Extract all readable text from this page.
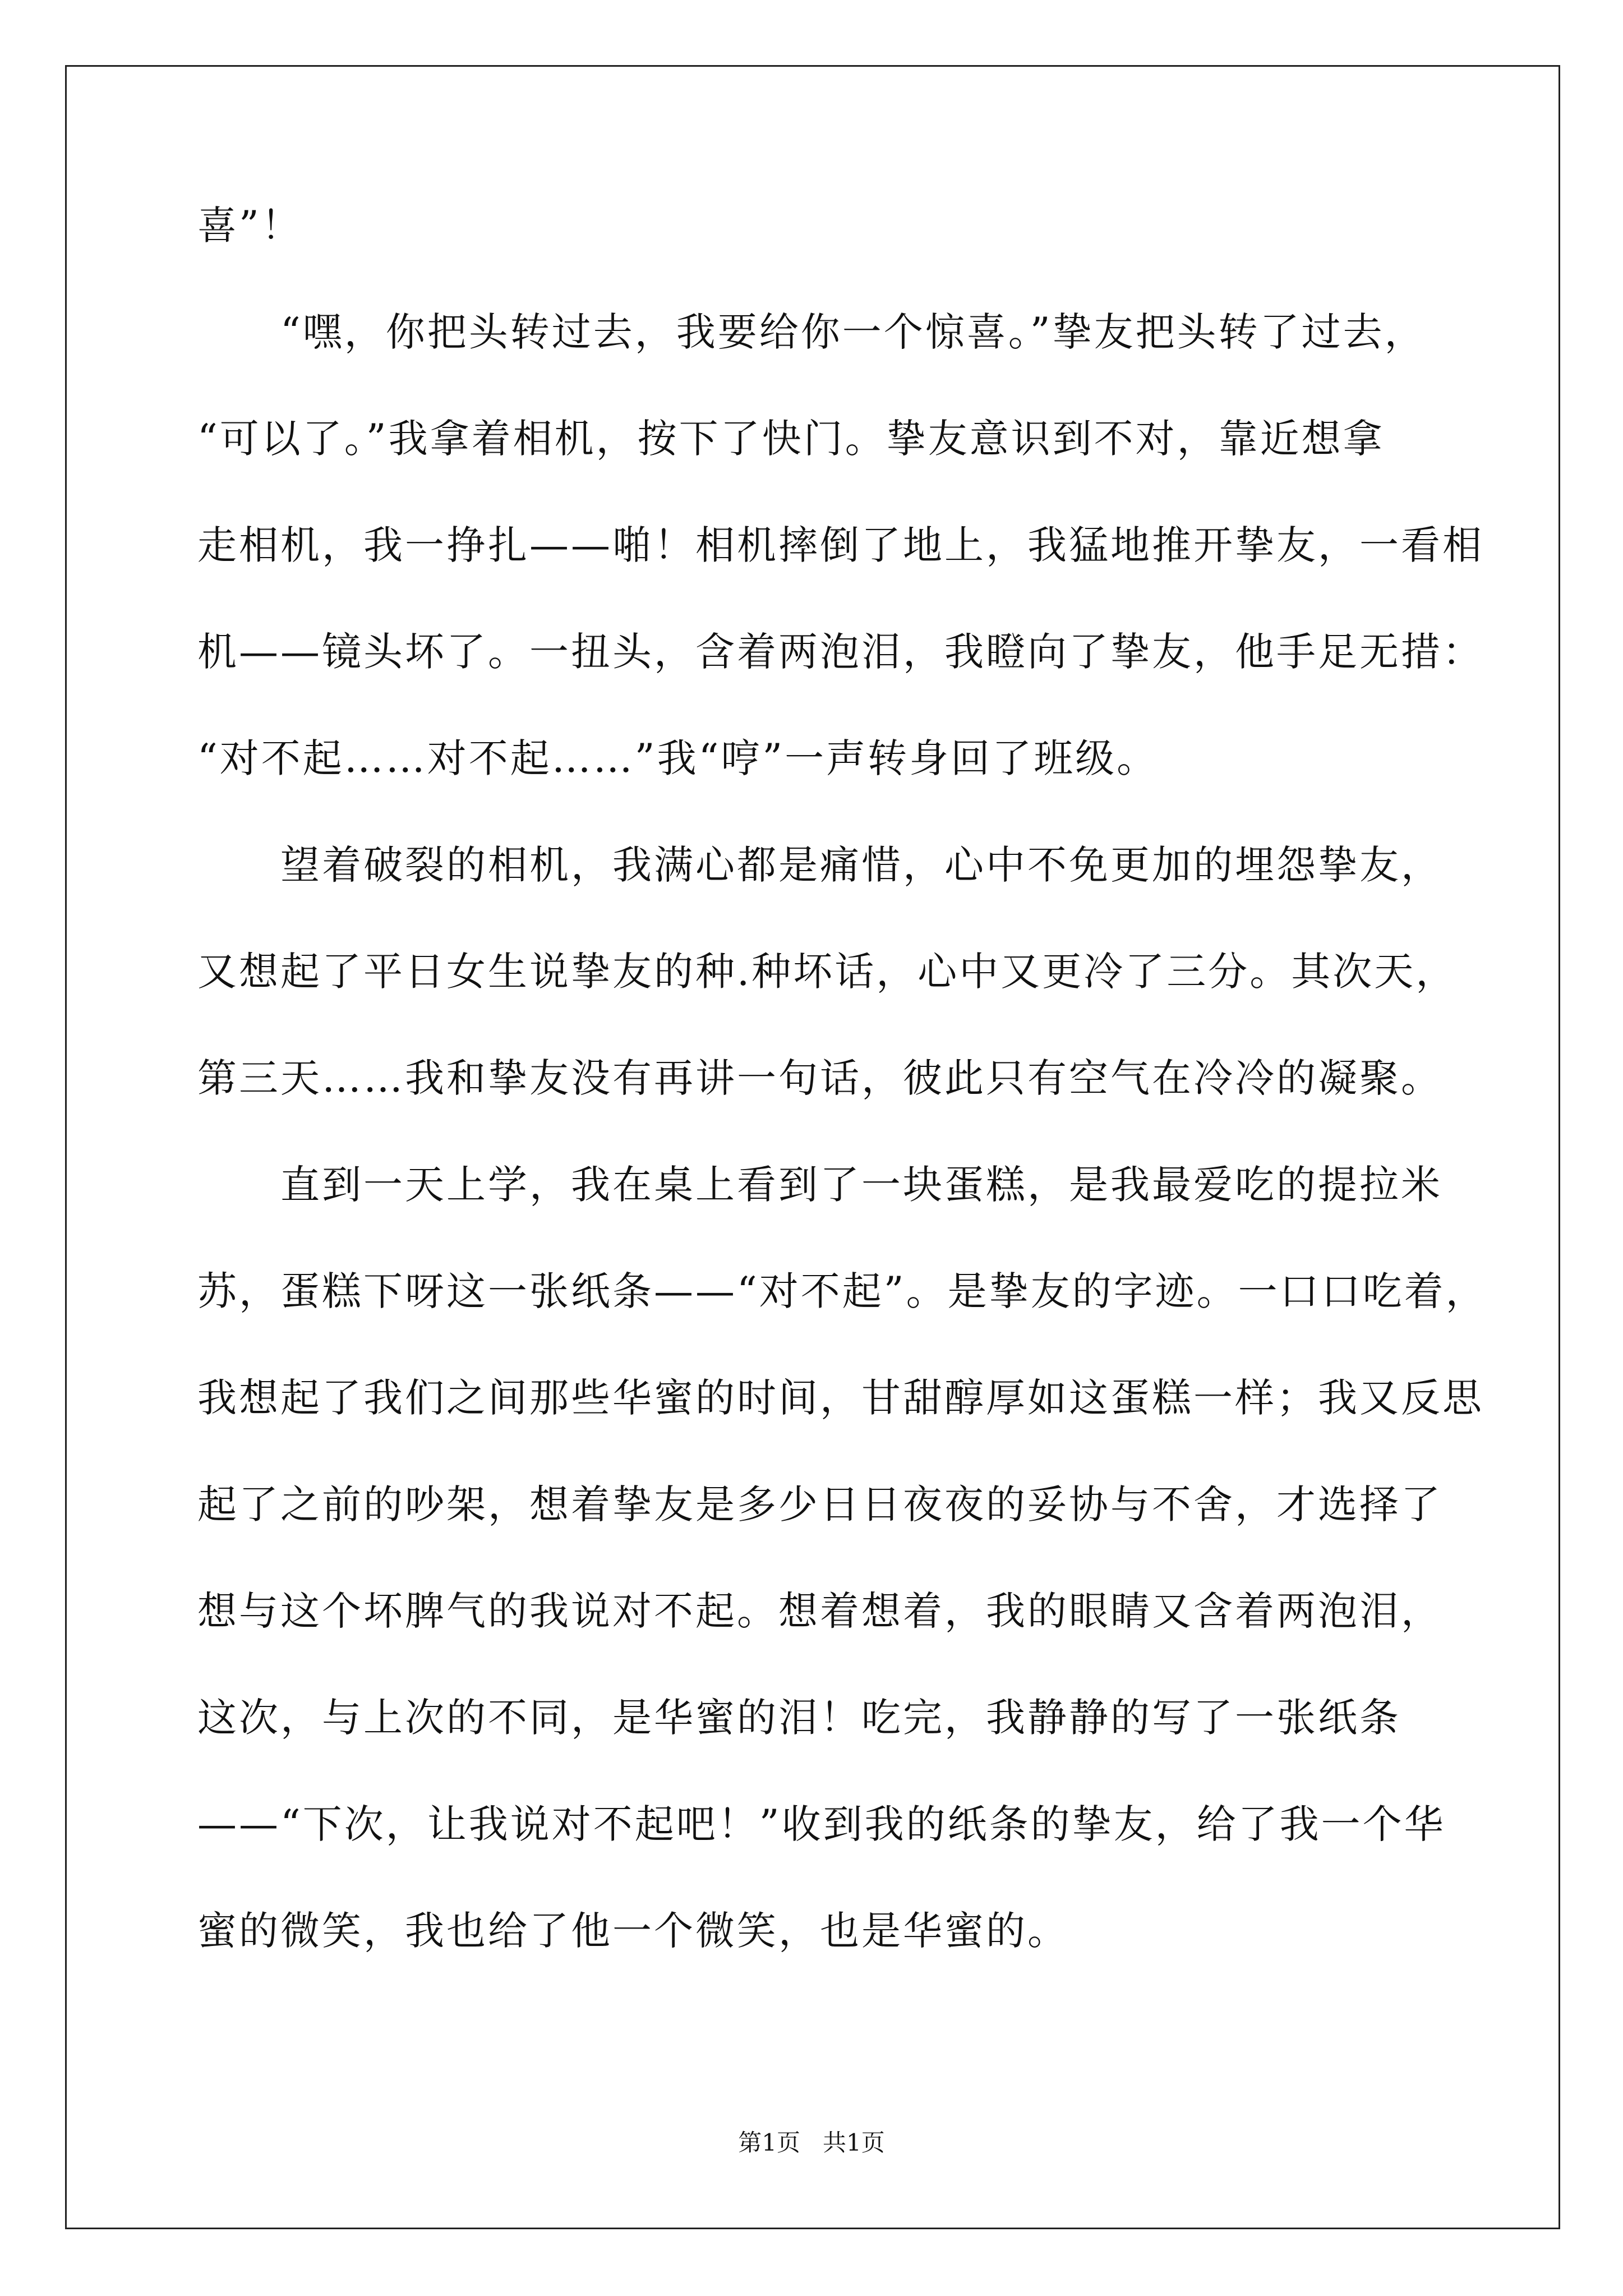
喜”！
　　“嘿，你把头转过去，我要给你一个惊喜。”挚友把头转了过去，
“可以了。”我拿着相机，按下了快门。挚友意识到不对，靠近想拿
走相机，我一挣扎——啪！相机摔倒了地上，我猛地推开挚友，一看相
机——镜头坏了。一扭头，含着两泡泪，我瞪向了挚友，他手足无措：
“对不起……对不起……”我“哼”一声转身回了班级。
　　望着破裂的相机，我满心都是痛惜，心中不免更加的埋怨挚友，
又想起了平日女生说挚友的种.种坏话，心中又更冷了三分。其次天，
第三天……我和挚友没有再讲一句话，彼此只有空气在冷冷的凝聚。
　　直到一天上学，我在桌上看到了一块蛋糕，是我最爱吃的提拉米
苏，蛋糕下呀这一张纸条——“对不起”。是挚友的字迹。一口口吃着，
我想起了我们之间那些华蜜的时间，甘甜醇厚如这蛋糕一样；我又反思
起了之前的吵架，想着挚友是多少日日夜夜的妥协与不舍，才选择了
想与这个坏脾气的我说对不起。想着想着，我的眼睛又含着两泡泪，
这次，与上次的不同，是华蜜的泪！吃完，我静静的写了一张纸条
——“下次，让我说对不起吧！”收到我的纸条的挚友，给了我一个华
蜜的微笑，我也给了他一个微笑，也是华蜜的。
第1页 共1页
